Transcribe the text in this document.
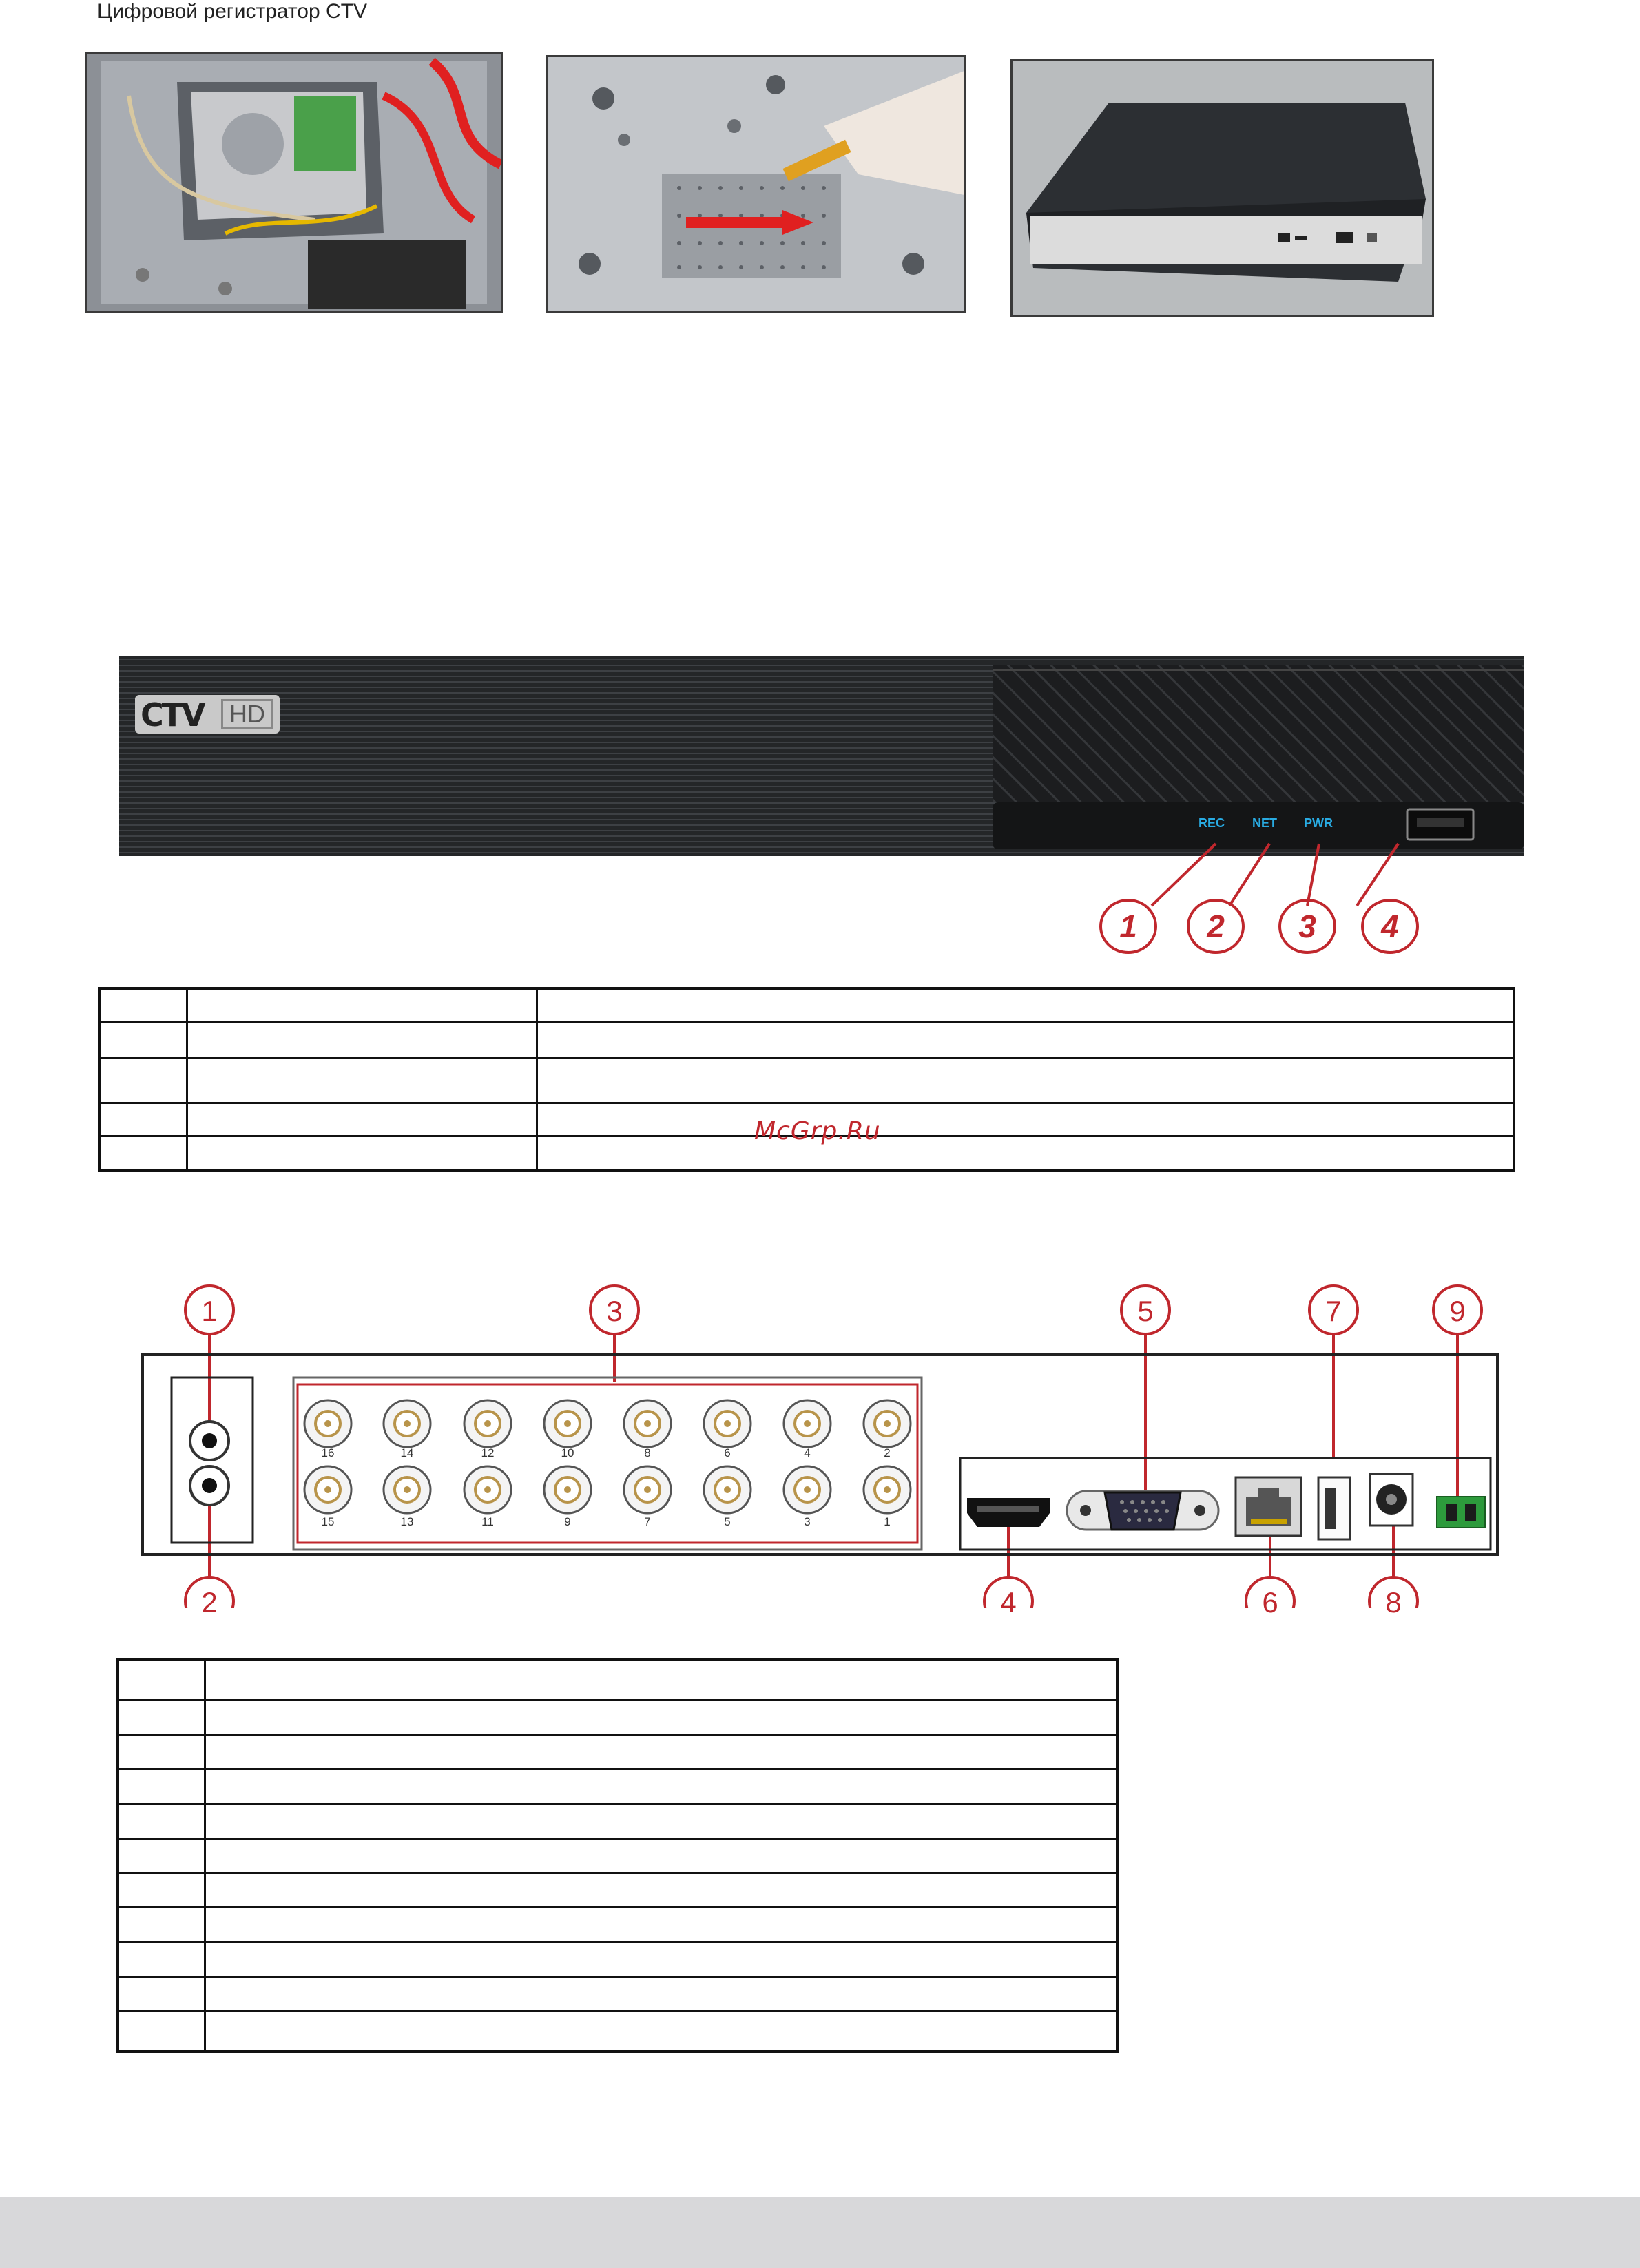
Цифровой регистратор CTV
CTV	HD
REC NET PWR
1 2 3 4

McGrp.Ru
1
2
3
4
5
6
7
8
9
16	14	12	10	8	6	4	2
15	13	11	9	7	5	3	1
